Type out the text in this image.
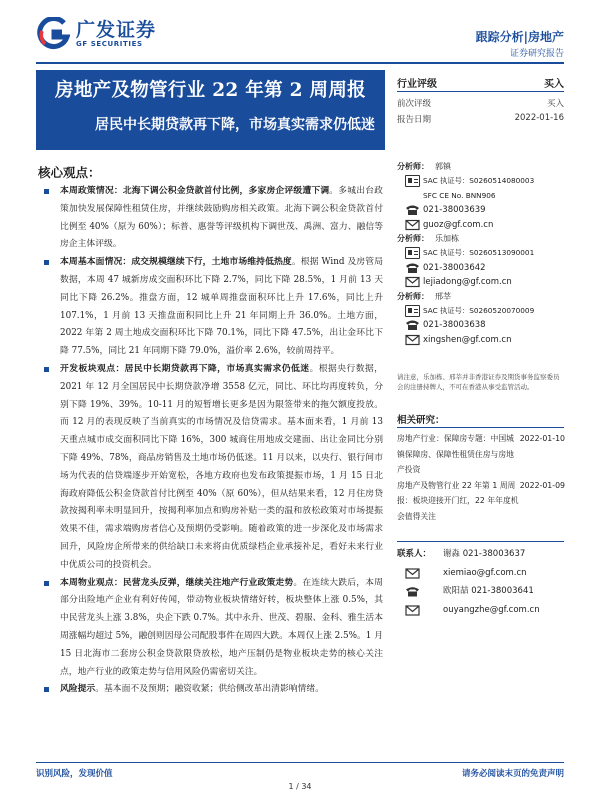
广发证券
GF SECURITIES	跟踪分析|房地产
证券研究报告
房地产及物管行业 22 年第 2 周周报
居民中长期贷款再下降，市场真实需求仍低迷
行业评级	买入
前次评级	买入
报告日期	2022-01-16
核心观点：
本周政策情况：北海下调公积金贷款首付比例，多家房企评级遭下调。多城出台政策加快发展保障性租赁住房，并继续鼓励购房相关政策。北海下调公积金贷款首付比例至 40%（原为 60%）；标普、惠誉等评级机构下调世茂、禹洲、富力、融信等房企主体评级。
本周基本面情况：成交规模继续下行，土地市场维持低热度。根据 Wind 及房管局数据，本周 47 城新房成交面积环比下降 2.7%，同比下降 28.5%，1 月前 13 天同比下降 26.2%。推盘方面，12 城单周推盘面积环比上升 17.6%，同比上升 107.1%，1 月前 13 天推盘面积同比上升 21 年同期上升 36.0%。土地方面，2022 年第 2 周土地成交面积环比下降 70.1%，同比下降 47.5%，出让金环比下降 77.5%，同比 21 年同期下降 79.0%，溢价率 2.6%，较前周持平。
开发板块观点：居民中长期贷款再下降，市场真实需求仍低迷。根据央行数据，2021 年 12 月全国居民中长期贷款净增 3558 亿元，同比、环比均再度转负，分别下降 19%、39%。10-11 月的短暂增长更多是因为限签带来的拖欠额度投放。而 12 月的表现反映了当前真实的市场情况及信贷需求。基本面来看，1 月前 13 天重点城市成交面积同比下降 16%，300 城商住用地成交建面、出让金同比分别下降 49%、78%，商品房销售及土地市场仍低迷。11 月以来，以央行、银行间市场为代表的信贷端逐步开始宽松，各地方政府也发布政策提振市场，1 月 15 日北海政府降低公积金贷款首付比例至 40%（原 60%），但从结果来看，12 月住房贷款按揭利率未明显回升，按揭利率加点和购房补贴一类的温和放松政策对市场提振效果不佳，需求端购房者信心及预期仍受影响。随着政策的进一步深化及市场需求回升，风险房企所带来的供给缺口未来将由优质绿档企业承接补足，看好未来行业中优质公司的投资机会。
本周物业观点：民营龙头反弹，继续关注地产行业政策走势。在连续大跌后，本周部分出险地产企业有利好传闻，带动物业板块情绪好转，板块整体上涨 0.5%，其中民营龙头上涨 3.8%，央企下跌 0.7%。其中永升、世茂、碧服、金科、雅生活本周涨幅均超过 5%，融创则因母公司配股事件在周四大跌。本周仅上涨 2.5%。1 月 15 日北海市二套房公积金贷款限贷放松，地产压制仍是物业板块走势的核心关注点，地产行业的政策走势与信用风险仍需密切关注。
风险提示。基本面不及预期；融资收紧；供给侧改革出清影响情绪。
分析师： 郭镇
SAC 执证号：S0260514080003
SFC CE No. BNN906
021-38003639
guoz@gf.com.cn
分析师： 乐加栋
SAC 执证号：S0260513090001
021-38003642
lejiadong@gf.com.cn
分析师： 邢莘
SAC 执证号：S0260520070009
021-38003638
xingshen@gf.com.cn
请注意，乐加栋、邢莘并非香港证券及期货事务监察委员会的注册持牌人，不可在香港从事受监管活动。
相关研究：
房地产行业：保障房专题：中国城镇保障房、保障性租赁住房与房地产投资
2022-01-10
房地产及物管行业 22 年第 1 周周报：板块迎接开门红，22 年年度机会值得关注
2022-01-09
联系人： 谢淼 021-38003637
xiemiao@gf.com.cn
欧阳喆 021-38003641
ouyangzhe@gf.com.cn
识别风险，发现价值	请务必阅读末页的免责声明
1 / 34
